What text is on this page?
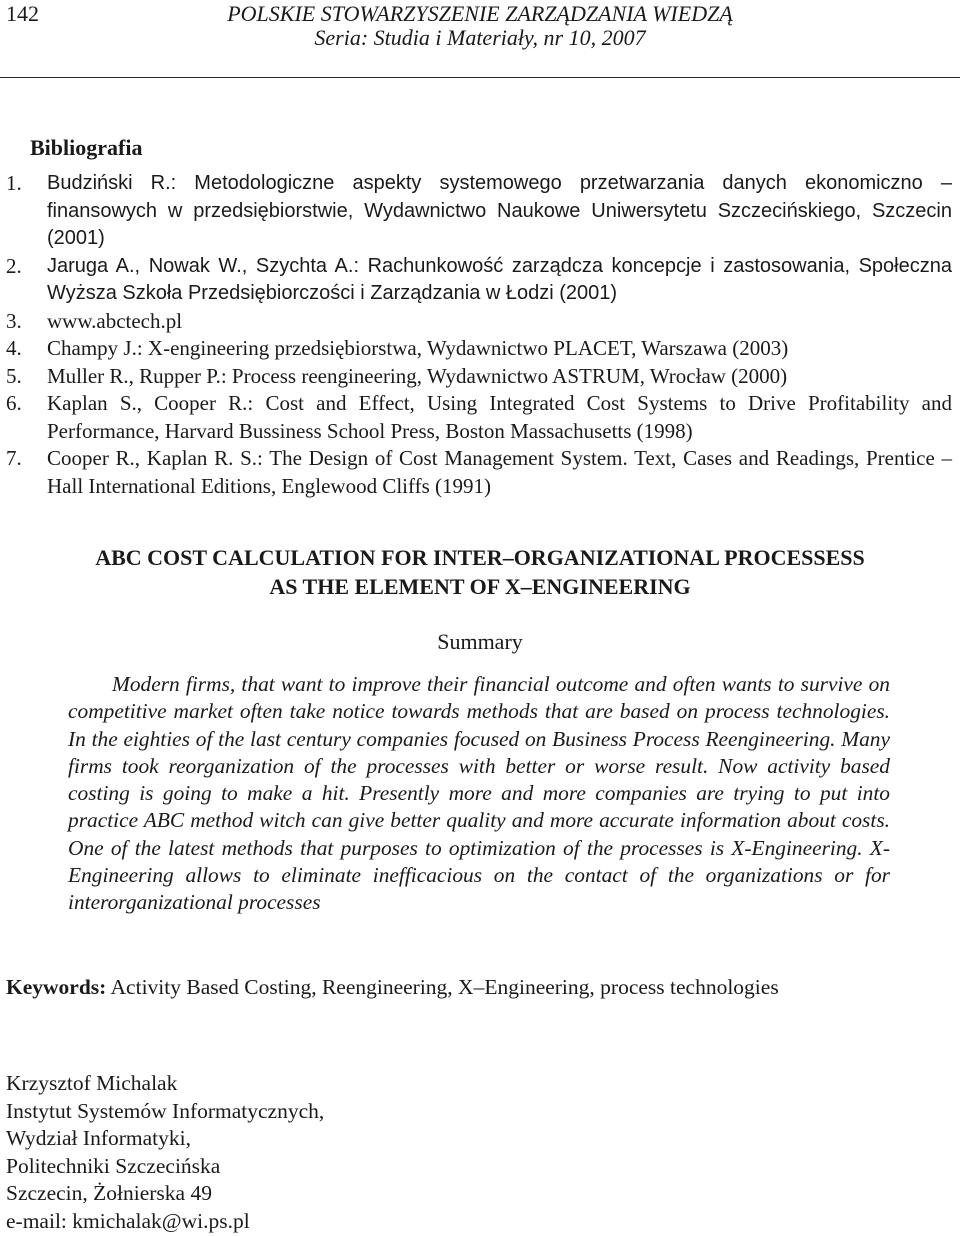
142	POLSKIE STOWARZYSZENIE ZARZĄDZANIA WIEDZĄ
Seria: Studia i Materiały, nr 10, 2007
Bibliografia
1. Budziński R.: Metodologiczne aspekty systemowego przetwarzania danych ekonomiczno – finansowych w przedsiębiorstwie, Wydawnictwo Naukowe Uniwersytetu Szczecińskiego, Szczecin (2001)
2. Jaruga A., Nowak W., Szychta A.: Rachunkowość zarządcza koncepcje i zastosowania, Społeczna Wyższa Szkoła Przedsiębiorczości i Zarządzania w Łodzi (2001)
3. www.abctech.pl
4. Champy J.: X-engineering przedsiębiorstwa, Wydawnictwo PLACET, Warszawa (2003)
5. Muller R., Rupper P.: Process reengineering, Wydawnictwo ASTRUM, Wrocław (2000)
6. Kaplan S., Cooper R.: Cost and Effect, Using Integrated Cost Systems to Drive Profitability and Performance, Harvard Bussiness School Press, Boston Massachusetts (1998)
7. Cooper R., Kaplan R. S.: The Design of Cost Management System. Text, Cases and Readings, Prentice – Hall International Editions, Englewood Cliffs (1991)
ABC COST CALCULATION FOR INTER–ORGANIZATIONAL PROCESSESS
AS THE ELEMENT OF X–ENGINEERING
Summary

Modern firms, that want to improve their financial outcome and often wants to survive on competitive market often take notice towards methods that are based on process technologies. In the eighties of the last century companies focused on Business Process Reengineering. Many firms took reorganization of the processes with better or worse result. Now activity based costing is going to make a hit. Presently more and more companies are trying to put into practice ABC method witch can give better quality and more accurate information about costs. One of the latest methods that purposes to optimization of the processes is X-Engineering. X-Engineering allows to eliminate inefficacious on the contact of the organizations or for interorganizational processes

Keywords: Activity Based Costing, Reengineering, X–Engineering, process technologies
Krzysztof Michalak
Instytut Systemów Informatycznych,
Wydział Informatyki,
Politechniki Szczecińska
Szczecin, Żołnierska 49
e-mail: kmichalak@wi.ps.pl
